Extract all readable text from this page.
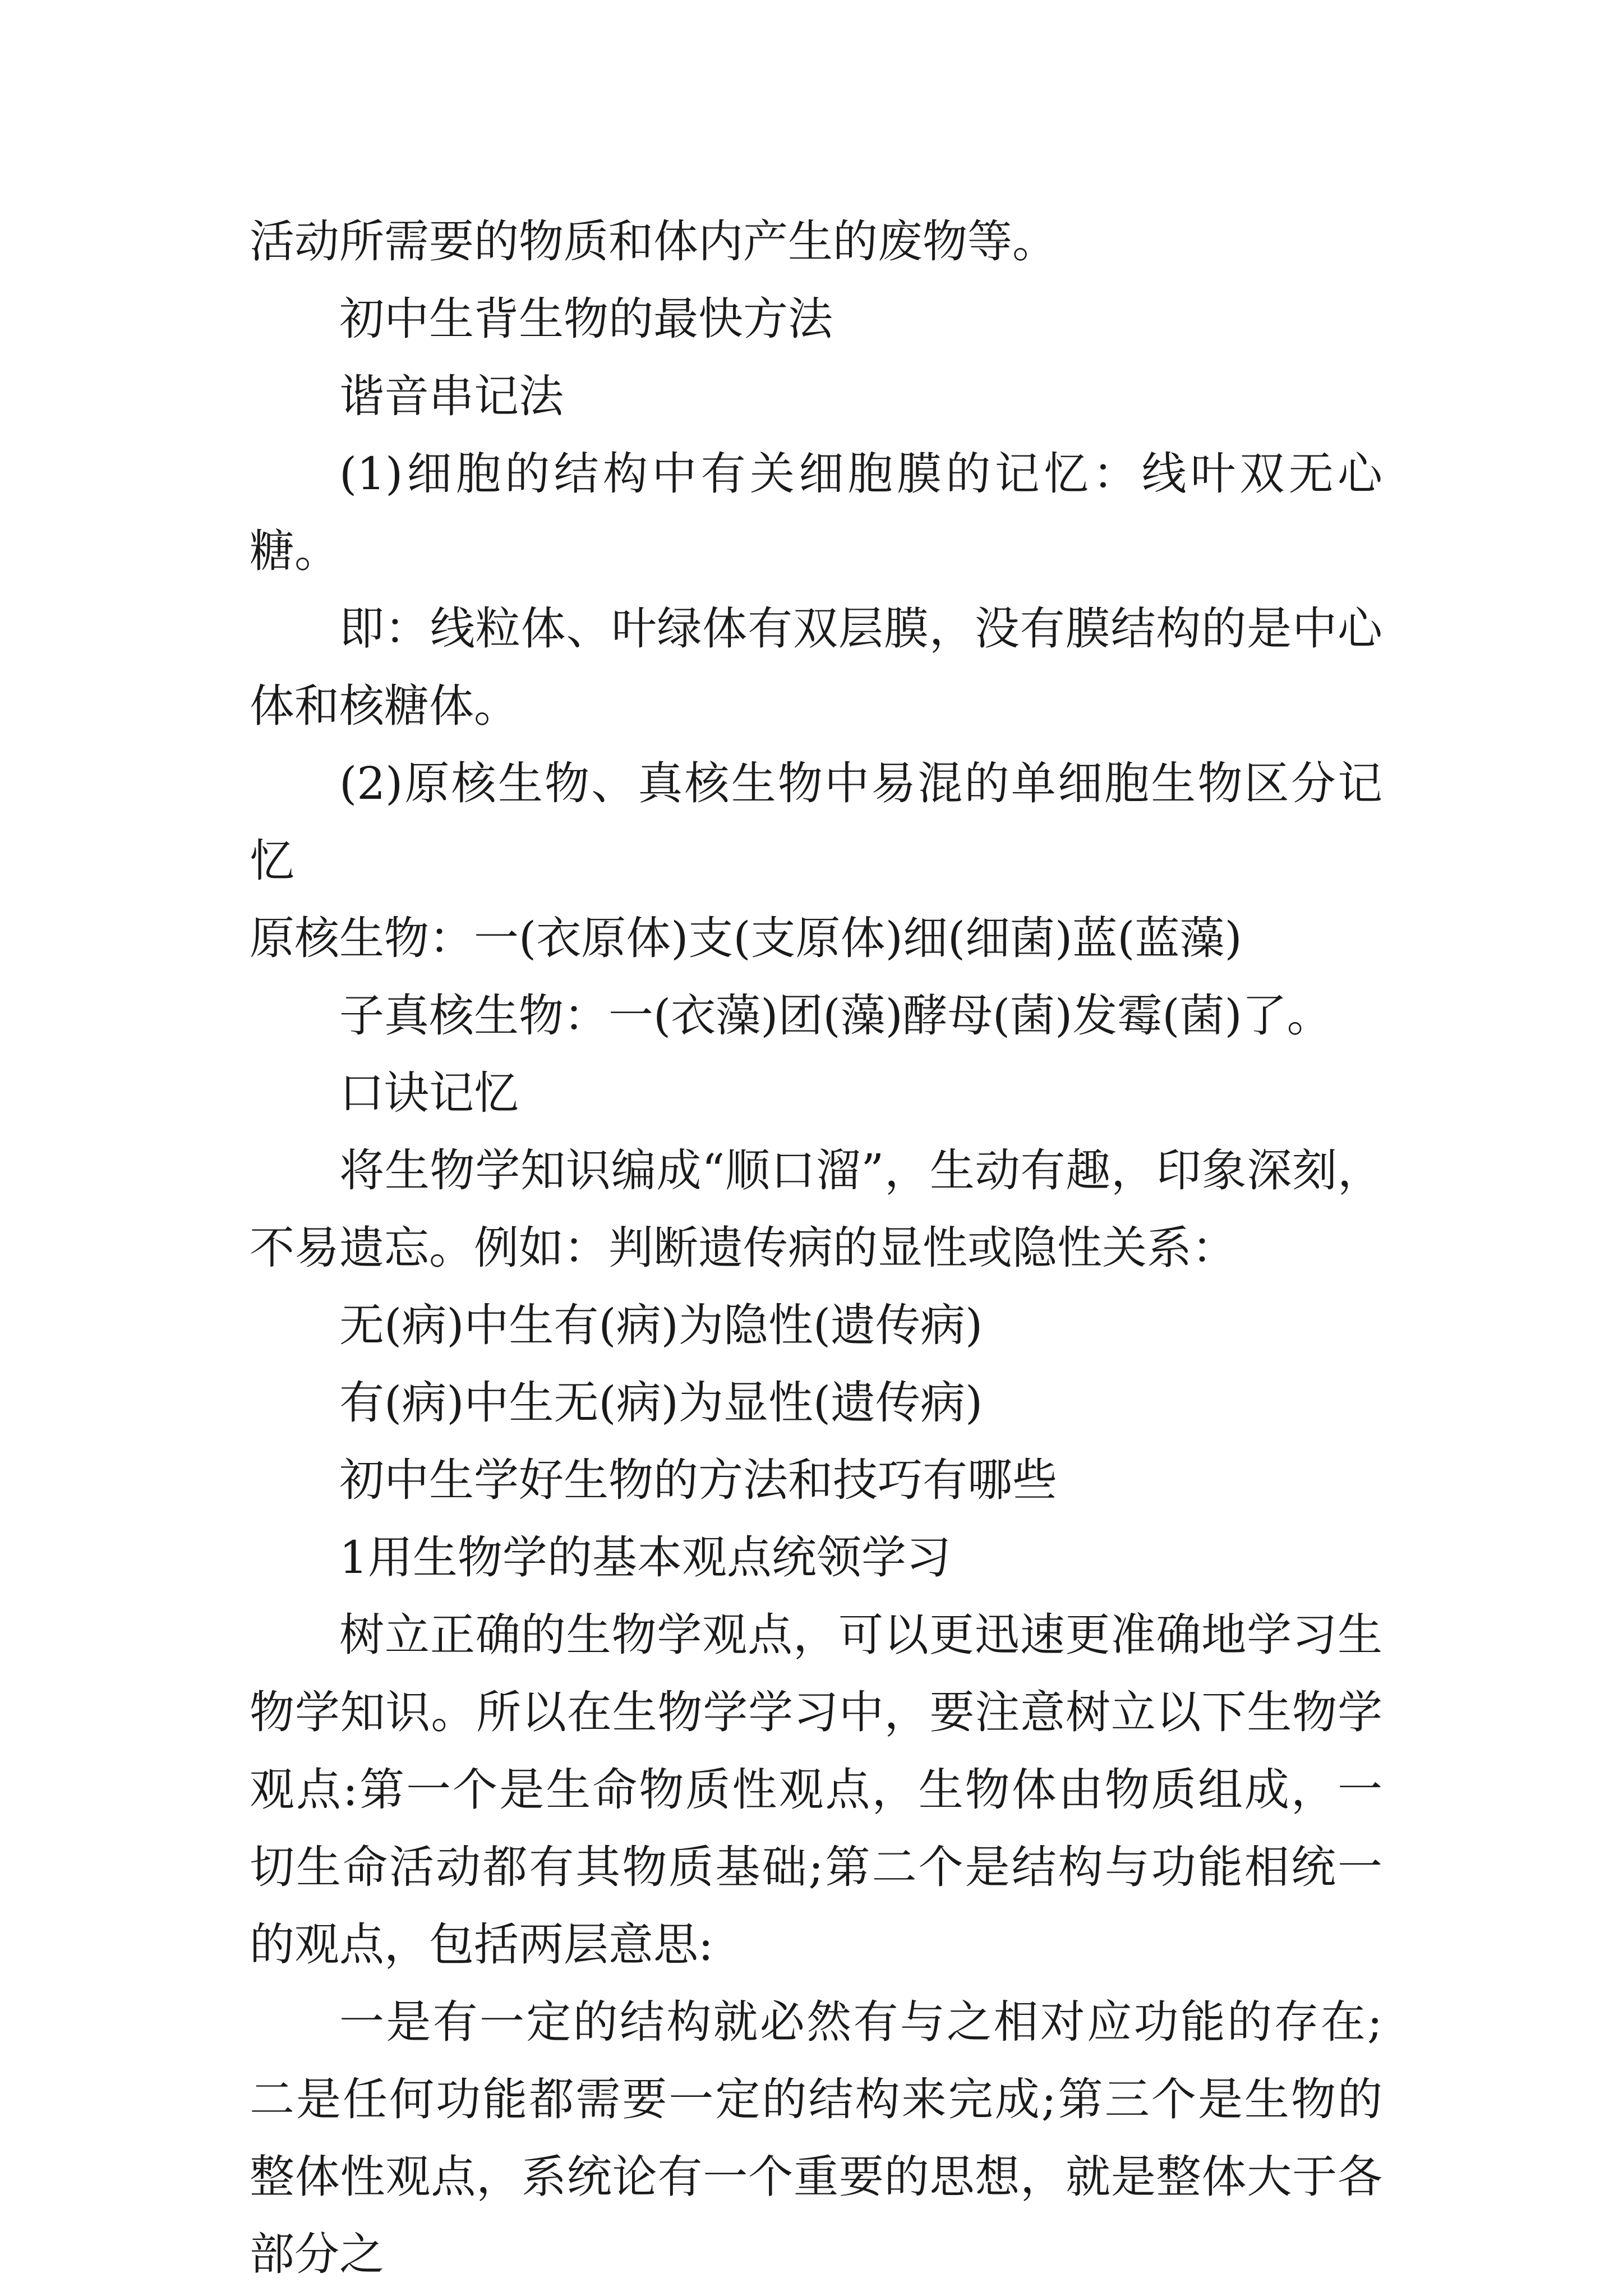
活动所需要的物质和体内产生的废物等。

初中生背生物的最快方法

谐音串记法

(1)细胞的结构中有关细胞膜的记忆：线叶双无心糖。

即：线粒体、叶绿体有双层膜，没有膜结构的是中心体和核糖体。

(2)原核生物、真核生物中易混的单细胞生物区分记忆

原核生物：一(衣原体)支(支原体)细(细菌)蓝(蓝藻)

子真核生物：一(衣藻)团(藻)酵母(菌)发霉(菌)了。

口诀记忆

将生物学知识编成“顺口溜”，生动有趣，印象深刻，不易遗忘。例如：判断遗传病的显性或隐性关系：

无(病)中生有(病)为隐性(遗传病)

有(病)中生无(病)为显性(遗传病)

初中生学好生物的方法和技巧有哪些

1用生物学的基本观点统领学习

树立正确的生物学观点，可以更迅速更准确地学习生物学知识。所以在生物学学习中，要注意树立以下生物学观点:第一个是生命物质性观点，生物体由物质组成，一切生命活动都有其物质基础;第二个是结构与功能相统一的观点，包括两层意思:

一是有一定的结构就必然有与之相对应功能的存在;二是任何功能都需要一定的结构来完成;第三个是生物的整体性观点，系统论有一个重要的思想，就是整体大于各部分之
